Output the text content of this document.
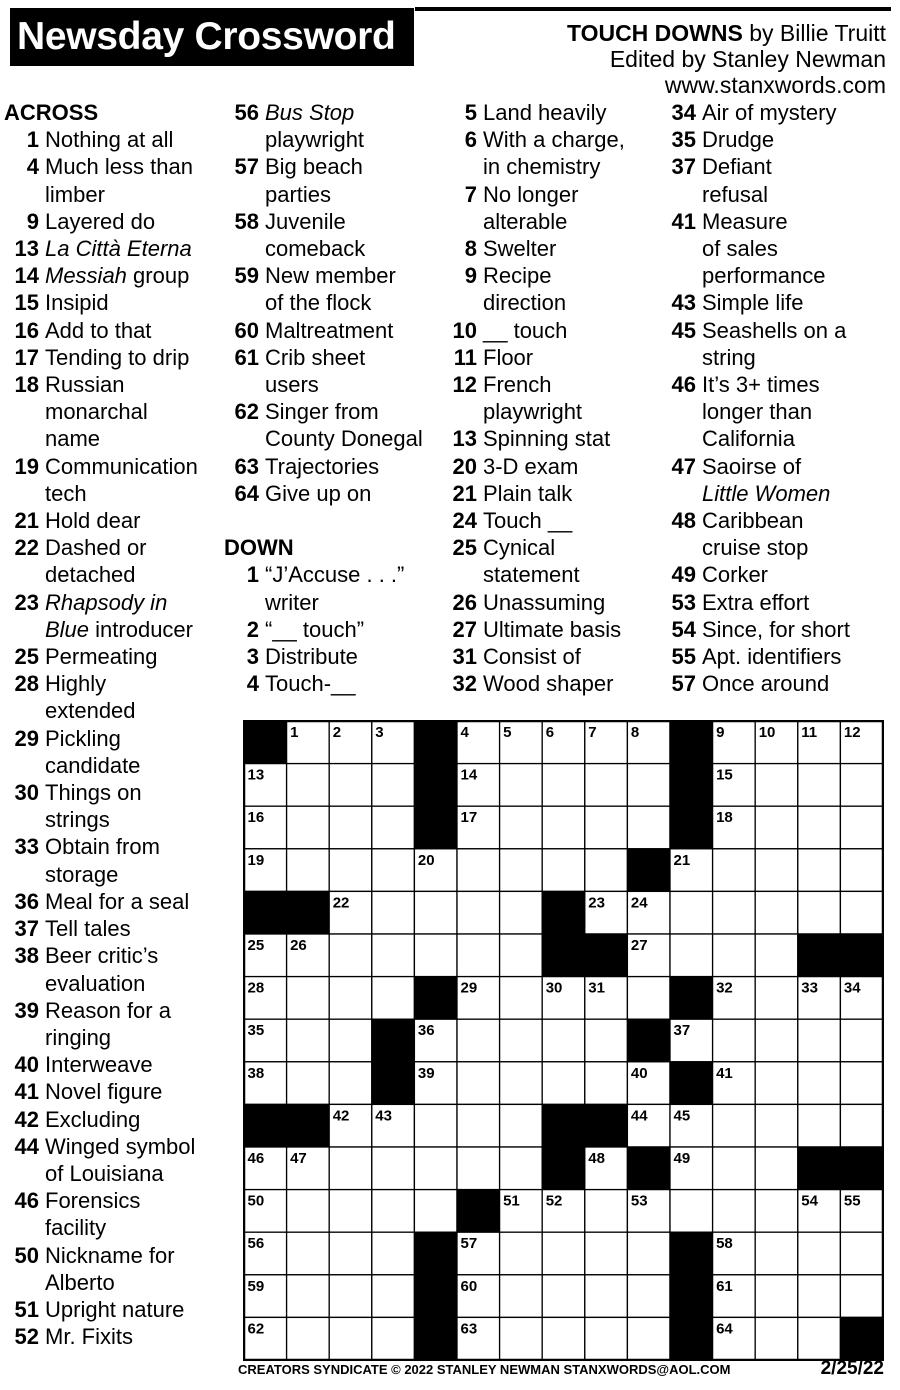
Newsday Crossword	TOUCH DOWNS by Billie Truitt
Edited by Stanley Newman
www.stanxwords.com
ACROSS
1 Nothing at all
4 Much less than
limber
9 Layered do
13 La Città Eterna
14 Messiah group
15 Insipid
16 Add to that
17 Tending to drip
18 Russian
monarchal
name
19 Communication
tech
21 Hold dear
22 Dashed or
detached
23 Rhapsody in
Blue introducer
25 Permeating
28 Highly
extended
29 Pickling
candidate
30 Things on
strings
33 Obtain from
storage
36 Meal for a seal
37 Tell tales
38 Beer critic’s
evaluation
39 Reason for a
ringing
40 Interweave
41 Novel figure
42 Excluding
44 Winged symbol
of Louisiana
46 Forensics
facility
50 Nickname for
Alberto
51 Upright nature
52 Mr. Fixits
56 Bus Stop
playwright
57 Big beach
parties
58 Juvenile
comeback
59 New member
of the flock
60 Maltreatment
61 Crib sheet
users
62 Singer from
County Donegal
63 Trajectories
64 Give up on
DOWN
1 “J’Accuse . . .”
writer
2 “__ touch”
3 Distribute
4 Touch-__
5 Land heavily
6 With a charge,
in chemistry
7 No longer
alterable
8 Swelter
9 Recipe
direction
10 __ touch
11 Floor
12 French
playwright
13 Spinning stat
20 3-D exam
21 Plain talk
24 Touch __
25 Cynical
statement
26 Unassuming
27 Ultimate basis
31 Consist of
32 Wood shaper
34 Air of mystery
35 Drudge
37 Defiant
refusal
41 Measure
of sales
performance
43 Simple life
45 Seashells on a
string
46 It’s 3+ times
longer than
California
47 Saoirse of
Little Women
48 Caribbean
cruise stop
49 Corker
53 Extra effort
54 Since, for short
55 Apt. identifiers
57 Once around
1 2 3	4 5 6 7 8	9 10 11 12
13	14	15
16	17	18
19	20	21
22	23 24
25 26	27
28	29	30 31	32	33 34
35	36	37
38	39	40	41
42 43	44 45
46 47	48	49
50	51 52	53	54 55
56	57	58
59	60	61
62	63	64
CREATORS SYNDICATE © 2022 STANLEY NEWMAN STANXWORDS@AOL.COM	2/25/22
